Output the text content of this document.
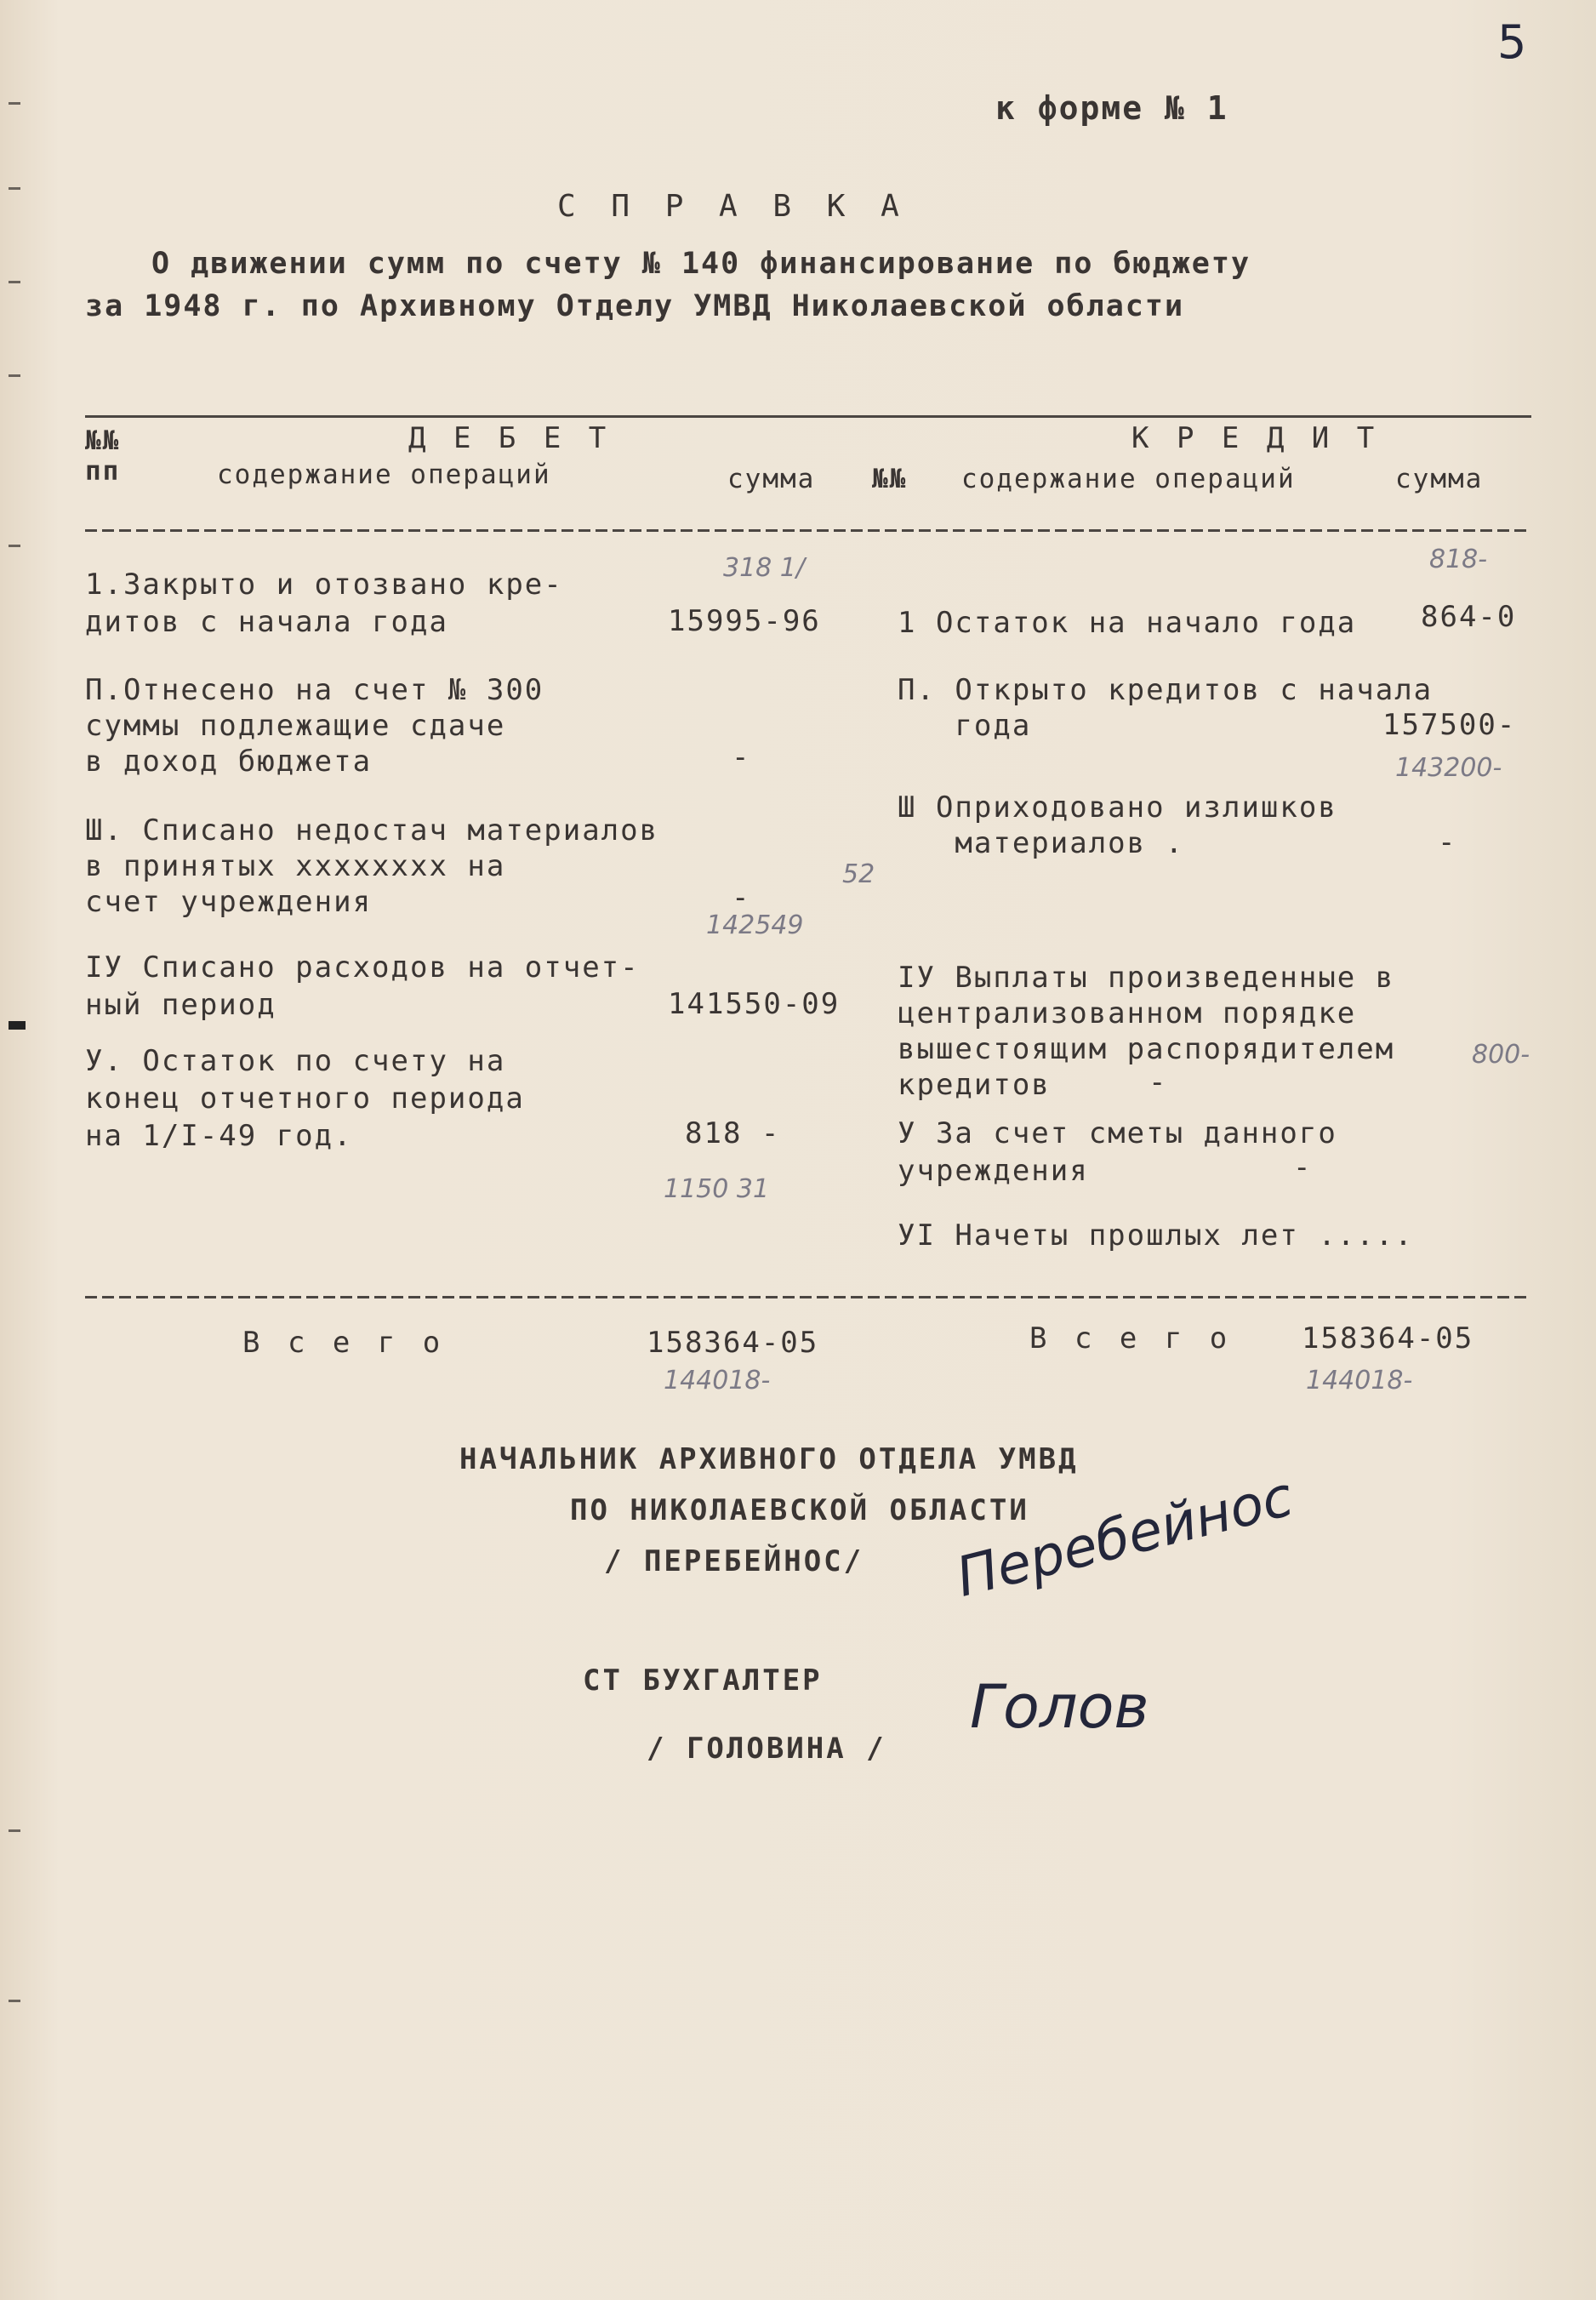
5
к форме № 1
С П Р А В К А
О движении сумм по счету № 140 финансирование по бюджету
за 1948 г. по Архивному Отделу УМВД Николаевской области
№№
пп
Д Е Б Е Т
содержание операций	сумма №№
К Р Е Д И Т
содержание операций	сумма
1.Закрыто и отозвано кре-
дитов с начала года	15995-96
318 1/
П.Отнесено на счет № 300
суммы подлежащие сдаче
в доход бюджета	-
Ш. Списано недостач материалов
в принятых хххххххх на
счет учреждения	-
52
IУ Списано расходов на отчет-
ный период	141550-09
142549
У. Остаток по счету на
конец отчетного периода
на 1/I-49 год.	818 -
1150 31
1 Остаток на начало года 864-0
818-
П. Открыто кредитов с начала
года	157500-
143200-
Ш Оприходовано излишков
материалов .	-
IУ Выплаты произведенные в
централизованном порядке
вышестоящим распорядителем
кредитов	-
800-
У За счет сметы данного
учреждения	-
УI Начеты прошлых лет .....
В с е г о	158364-05
144018-
В с е г о 158364-05
144018-
НАЧАЛЬНИК АРХИВНОГО ОТДЕЛА УМВД
ПО НИКОЛАЕВСКОЙ ОБЛАСТИ
/ ПЕРЕБЕЙНОС/ Перебейнос
СТ БУХГАЛТЕР
/ ГОЛОВИНА /
Голов
